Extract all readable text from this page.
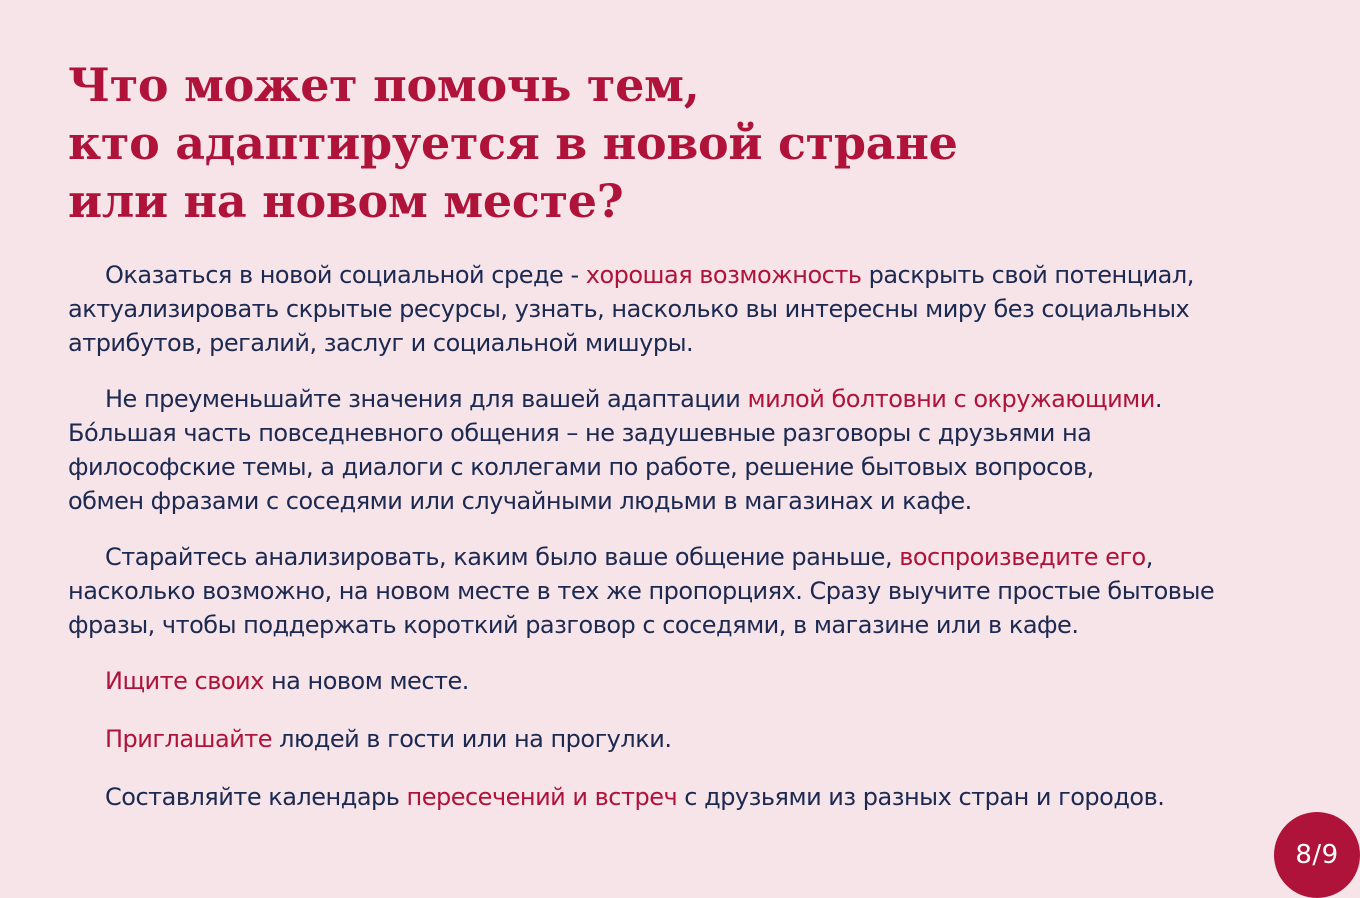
Что может помочь тем,
кто адаптируется в новой стране
или на новом месте?
Оказаться в новой социальной среде - хорошая возможность раскрыть свой потенциал,
актуализировать скрытые ресурсы, узнать, насколько вы интересны миру без социальных
атрибутов, регалий, заслуг и социальной мишуры.
Не преуменьшайте значения для вашей адаптации милой болтовни с окружающими.
Бóльшая часть повседневного общения – не задушевные разговоры с друзьями на
философские темы, а диалоги с коллегами по работе, решение бытовых вопросов,
обмен фразами с соседями или случайными людьми в магазинах и кафе.
Старайтесь анализировать, каким было ваше общение раньше, воспроизведите его,
насколько возможно, на новом месте в тех же пропорциях. Сразу выучите простые бытовые
фразы, чтобы поддержать короткий разговор с соседями, в магазине или в кафе.
Ищите своих на новом месте.
Приглашайте людей в гости или на прогулки.
Составляйте календарь пересечений и встреч с друзьями из разных стран и городов.
8/9
